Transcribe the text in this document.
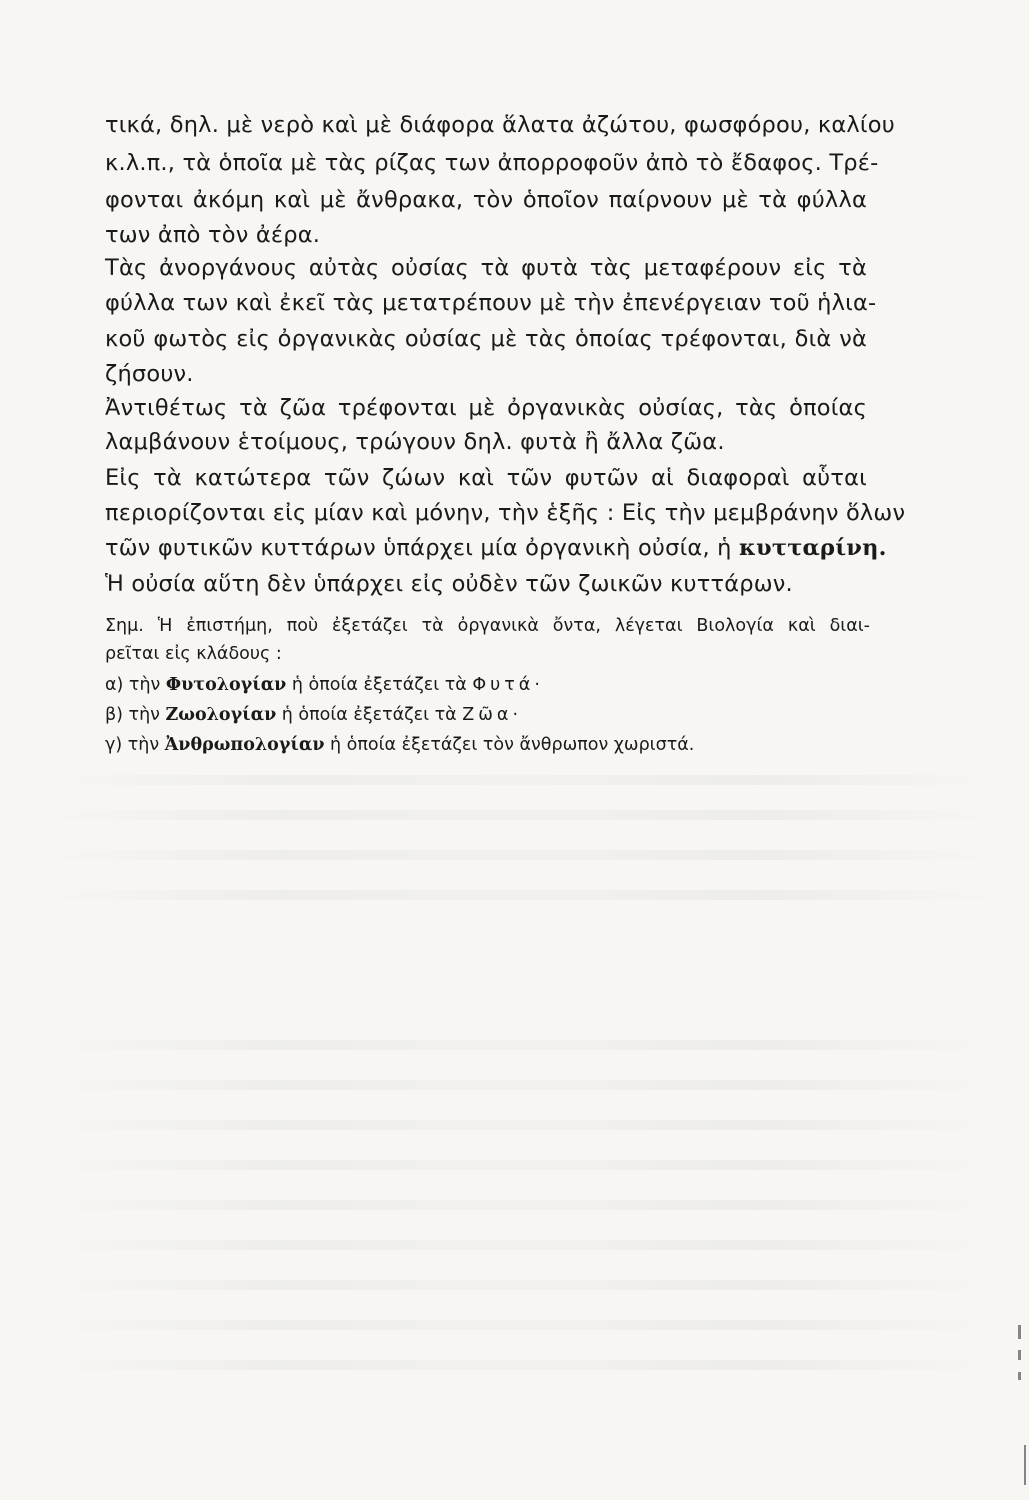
τικά, δηλ. μὲ νερὸ καὶ μὲ διάφορα ἅλατα ἀζώτου, φωσφόρου, καλίου
κ.λ.π., τὰ ὁποῖα μὲ τὰς ρίζας των ἀπορροφοῦν ἀπὸ τὸ ἔδαφος. Τρέ-
φονται ἀκόμη καὶ μὲ ἄνθρακα, τὸν ὁποῖον παίρνουν μὲ τὰ φύλλα
των ἀπὸ τὸν ἀέρα.
Τὰς ἀνοργάνους αὐτὰς οὐσίας τὰ φυτὰ τὰς μεταφέρουν εἰς τὰ
φύλλα των καὶ ἐκεῖ τὰς μετατρέπουν μὲ τὴν ἐπενέργειαν τοῦ ἡλια-
κοῦ φωτὸς εἰς ὀργανικὰς οὐσίας μὲ τὰς ὁποίας τρέφονται, διὰ νὰ
ζήσουν.
Ἀντιθέτως τὰ ζῶα τρέφονται μὲ ὀργανικὰς οὐσίας, τὰς ὁποίας
λαμβάνουν ἑτοίμους, τρώγουν δηλ. φυτὰ ἢ ἄλλα ζῶα.
Εἰς τὰ κατώτερα τῶν ζώων καὶ τῶν φυτῶν αἱ διαφοραὶ αὗται
περιορίζονται εἰς μίαν καὶ μόνην, τὴν ἑξῆς : Εἰς τὴν μεμβράνην ὅλων
τῶν φυτικῶν κυττάρων ὑπάρχει μία ὀργανικὴ οὐσία, ἡ κυτταρίνη.
Ἡ οὐσία αὕτη δὲν ὑπάρχει εἰς οὐδὲν τῶν ζωικῶν κυττάρων.
Σημ. Ἡ ἐπιστήμη, ποὺ ἐξετάζει τὰ ὀργανικὰ ὄντα, λέγεται Βιολογία καὶ διαι-
ρεῖται εἰς κλάδους :
α) τὴν Φυτολογίαν ἡ ὁποία ἐξετάζει τὰ Φυτά·
β) τὴν Ζωολογίαν ἡ ὁποία ἐξετάζει τὰ Ζῶα·
γ) τὴν Ἀνθρωπολογίαν ἡ ὁποία ἐξετάζει τὸν ἄνθρωπον χωριστά.
